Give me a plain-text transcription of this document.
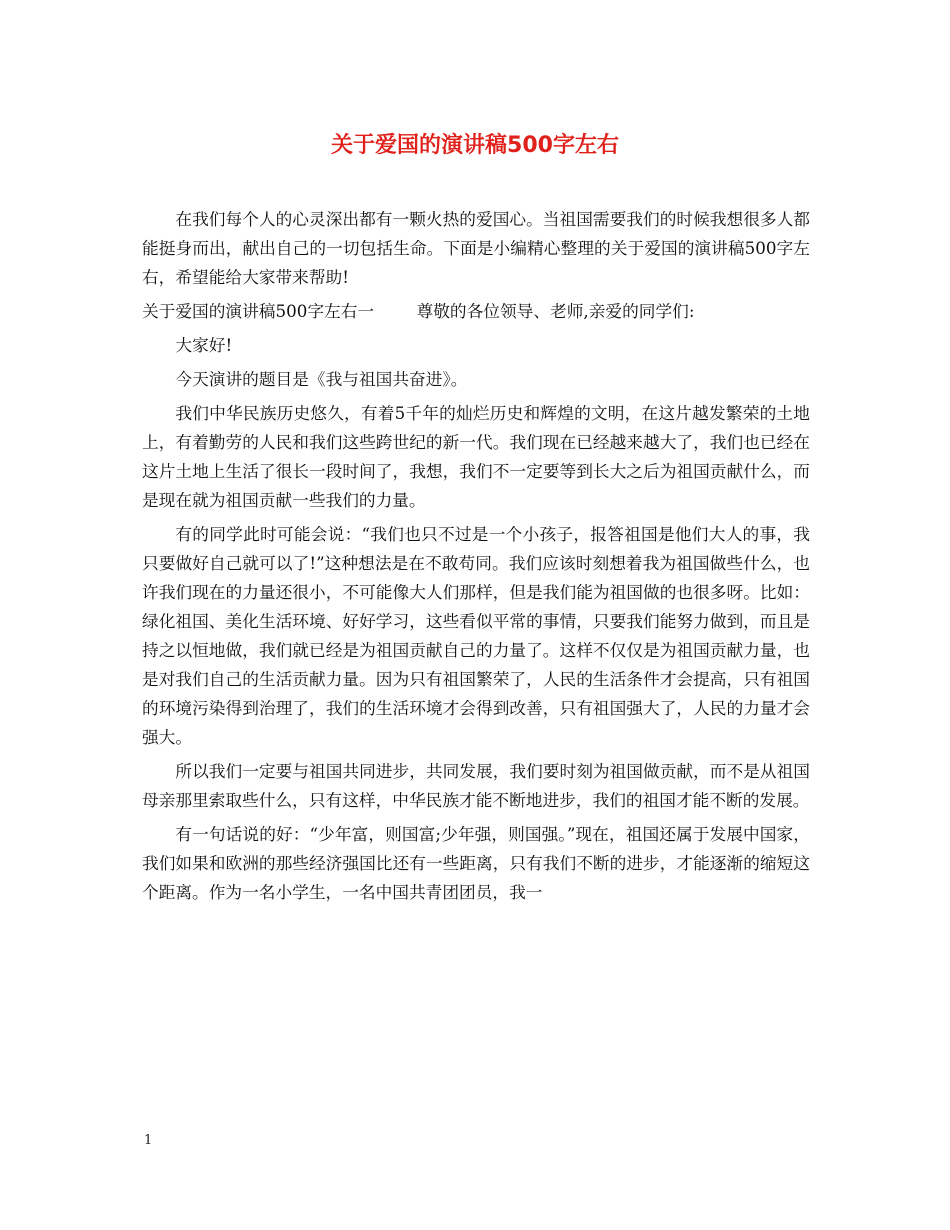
关于爱国的演讲稿500字左右

在我们每个人的心灵深出都有一颗火热的爱国心。当祖国需要我们的时候我想很多人都能挺身而出，献出自己的一切包括生命。下面是小编精心整理的关于爱国的演讲稿500字左右，希望能给大家带来帮助!

关于爱国的演讲稿500字左右一	尊敬的各位领导、老师,亲爱的同学们:

大家好!

今天演讲的题目是《我与祖国共奋进》。

我们中华民族历史悠久，有着5千年的灿烂历史和辉煌的文明，在这片越发繁荣的土地上，有着勤劳的人民和我们这些跨世纪的新一代。我们现在已经越来越大了，我们也已经在这片土地上生活了很长一段时间了，我想，我们不一定要等到长大之后为祖国贡献什么，而是现在就为祖国贡献一些我们的力量。

有的同学此时可能会说：“我们也只不过是一个小孩子，报答祖国是他们大人的事，我只要做好自己就可以了!”这种想法是在不敢苟同。我们应该时刻想着我为祖国做些什么，也许我们现在的力量还很小，不可能像大人们那样，但是我们能为祖国做的也很多呀。比如：绿化祖国、美化生活环境、好好学习，这些看似平常的事情，只要我们能努力做到，而且是持之以恒地做，我们就已经是为祖国贡献自己的力量了。这样不仅仅是为祖国贡献力量，也是对我们自己的生活贡献力量。因为只有祖国繁荣了，人民的生活条件才会提高，只有祖国的环境污染得到治理了，我们的生活环境才会得到改善，只有祖国强大了，人民的力量才会强大。

所以我们一定要与祖国共同进步，共同发展，我们要时刻为祖国做贡献，而不是从祖国母亲那里索取些什么，只有这样，中华民族才能不断地进步，我们的祖国才能不断的发展。

有一句话说的好：“少年富，则国富;少年强，则国强。”现在，祖国还属于发展中国家，我们如果和欧洲的那些经济强国比还有一些距离，只有我们不断的进步，才能逐渐的缩短这个距离。作为一名小学生，一名中国共青团团员，我一

1
